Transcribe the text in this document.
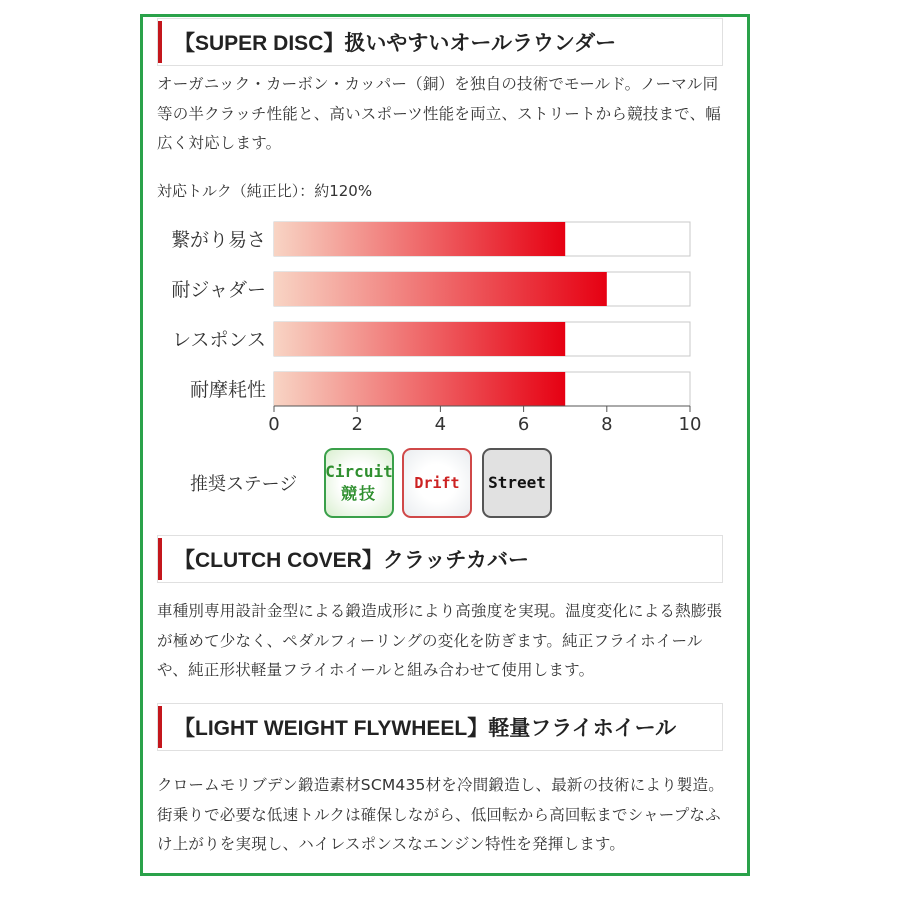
【SUPER DISC】扱いやすいオールラウンダー

オーガニック・カーボン・カッパー（銅）を独自の技術でモールド。ノーマル同
等の半クラッチ性能と、高いスポーツ性能を両立、ストリートから競技まで、幅
広く対応します。

対応トルク（純正比）：約120%
繋がり易さ
耐ジャダー
レスポンス
耐摩耗性
0	2	4	6	8	10
推奨ステージ
Circuit
競技
Drift Street
【CLUTCH COVER】クラッチカバー

車種別専用設計金型による鍛造成形により高強度を実現。温度変化による熱膨張
が極めて少なく、ペダルフィーリングの変化を防ぎます。純正フライホイール
や、純正形状軽量フライホイールと組み合わせて使用します。

【LIGHT WEIGHT FLYWHEEL】軽量フライホイール

クロームモリブデン鍛造素材SCM435材を冷間鍛造し、最新の技術により製造。
街乗りで必要な低速トルクは確保しながら、低回転から高回転までシャープなふ
け上がりを実現し、ハイレスポンスなエンジン特性を発揮します。
